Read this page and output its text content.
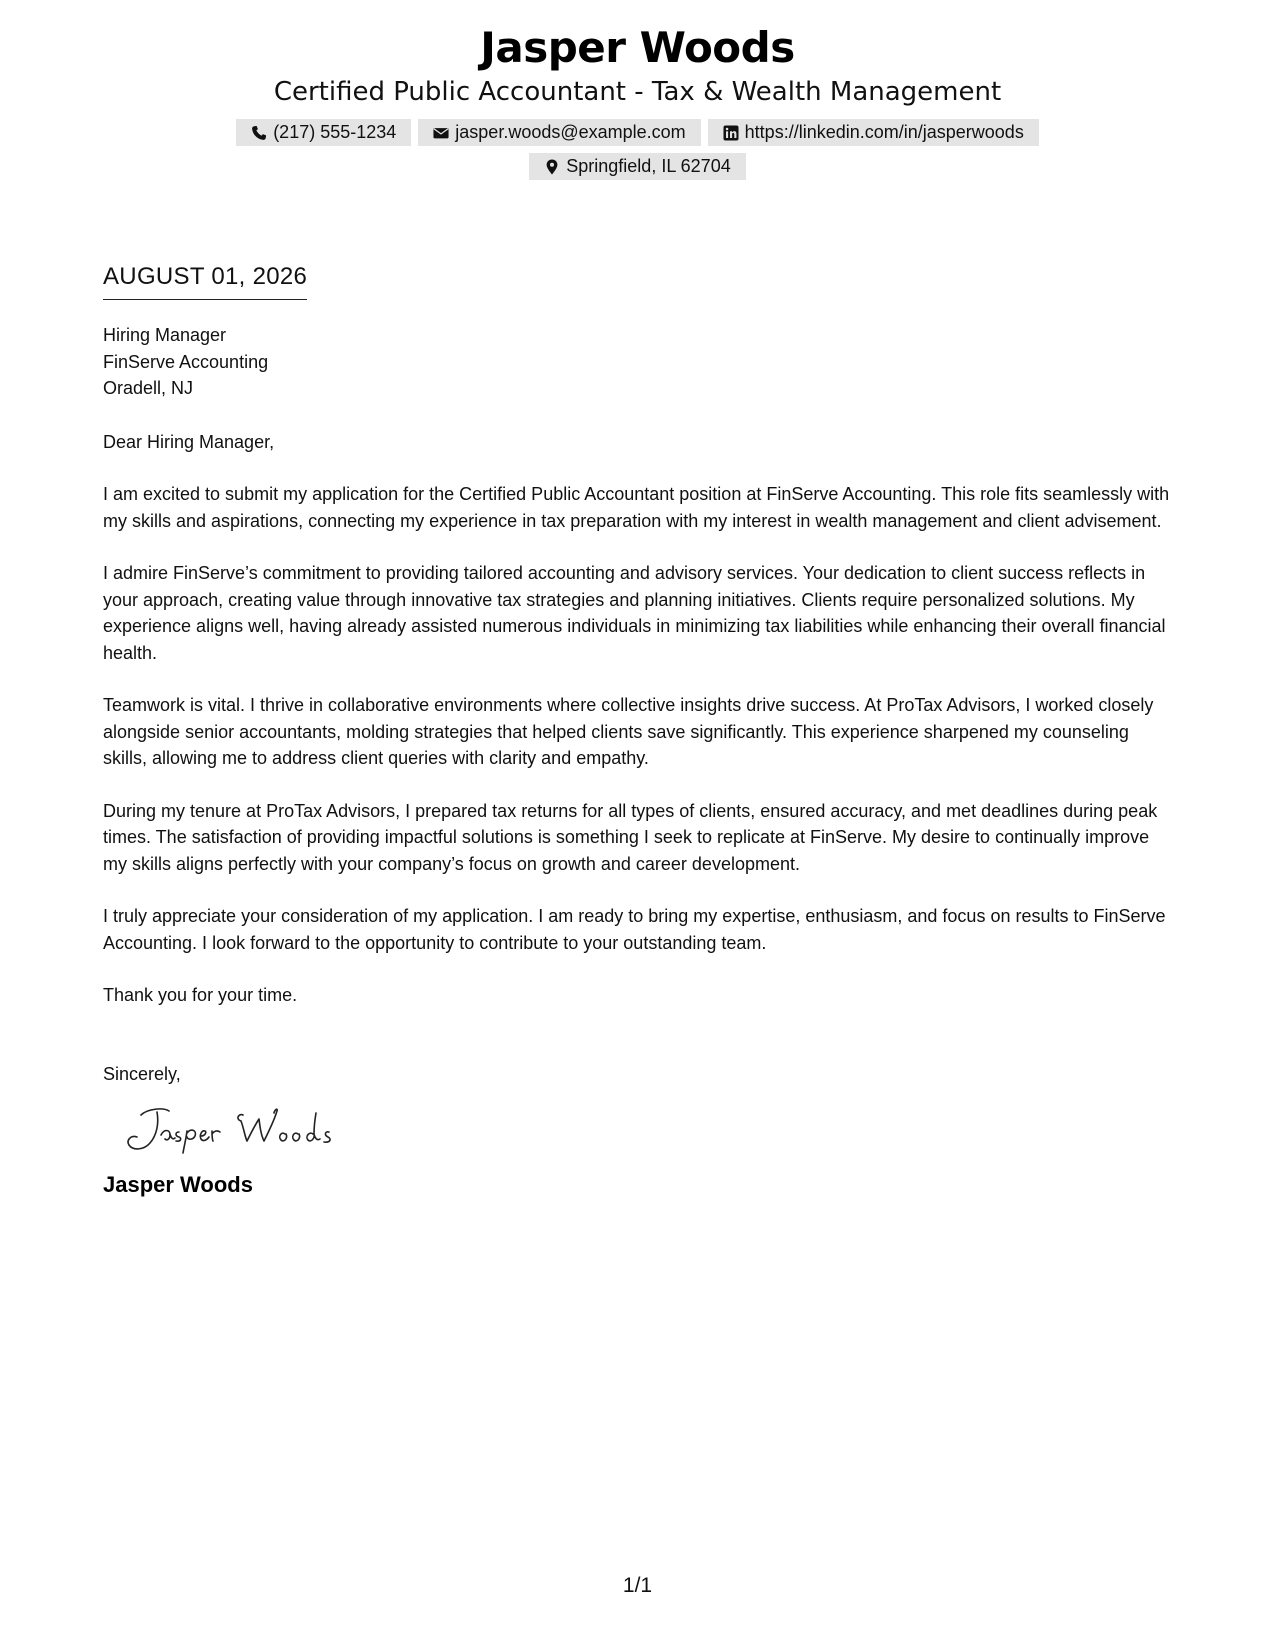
Jasper Woods
Certified Public Accountant - Tax & Wealth Management
(217) 555-1234	jasper.woods@example.com	https://linkedin.com/in/jasperwoods
Springfield, IL 62704
AUGUST 01, 2026
Hiring Manager
FinServe Accounting
Oradell, NJ
Dear Hiring Manager,
I am excited to submit my application for the Certified Public Accountant position at FinServe Accounting. This role fits seamlessly with my skills and aspirations, connecting my experience in tax preparation with my interest in wealth management and client advisement.
I admire FinServe’s commitment to providing tailored accounting and advisory services. Your dedication to client success reflects in your approach, creating value through innovative tax strategies and planning initiatives. Clients require personalized solutions. My experience aligns well, having already assisted numerous individuals in minimizing tax liabilities while enhancing their overall financial health.
Teamwork is vital. I thrive in collaborative environments where collective insights drive success. At ProTax Advisors, I worked closely alongside senior accountants, molding strategies that helped clients save significantly. This experience sharpened my counseling skills, allowing me to address client queries with clarity and empathy.
During my tenure at ProTax Advisors, I prepared tax returns for all types of clients, ensured accuracy, and met deadlines during peak times. The satisfaction of providing impactful solutions is something I seek to replicate at FinServe. My desire to continually improve my skills aligns perfectly with your company’s focus on growth and career development.
I truly appreciate your consideration of my application. I am ready to bring my expertise, enthusiasm, and focus on results to FinServe Accounting. I look forward to the opportunity to contribute to your outstanding team.
Thank you for your time.
Sincerely,
Jasper Woods
1/1
